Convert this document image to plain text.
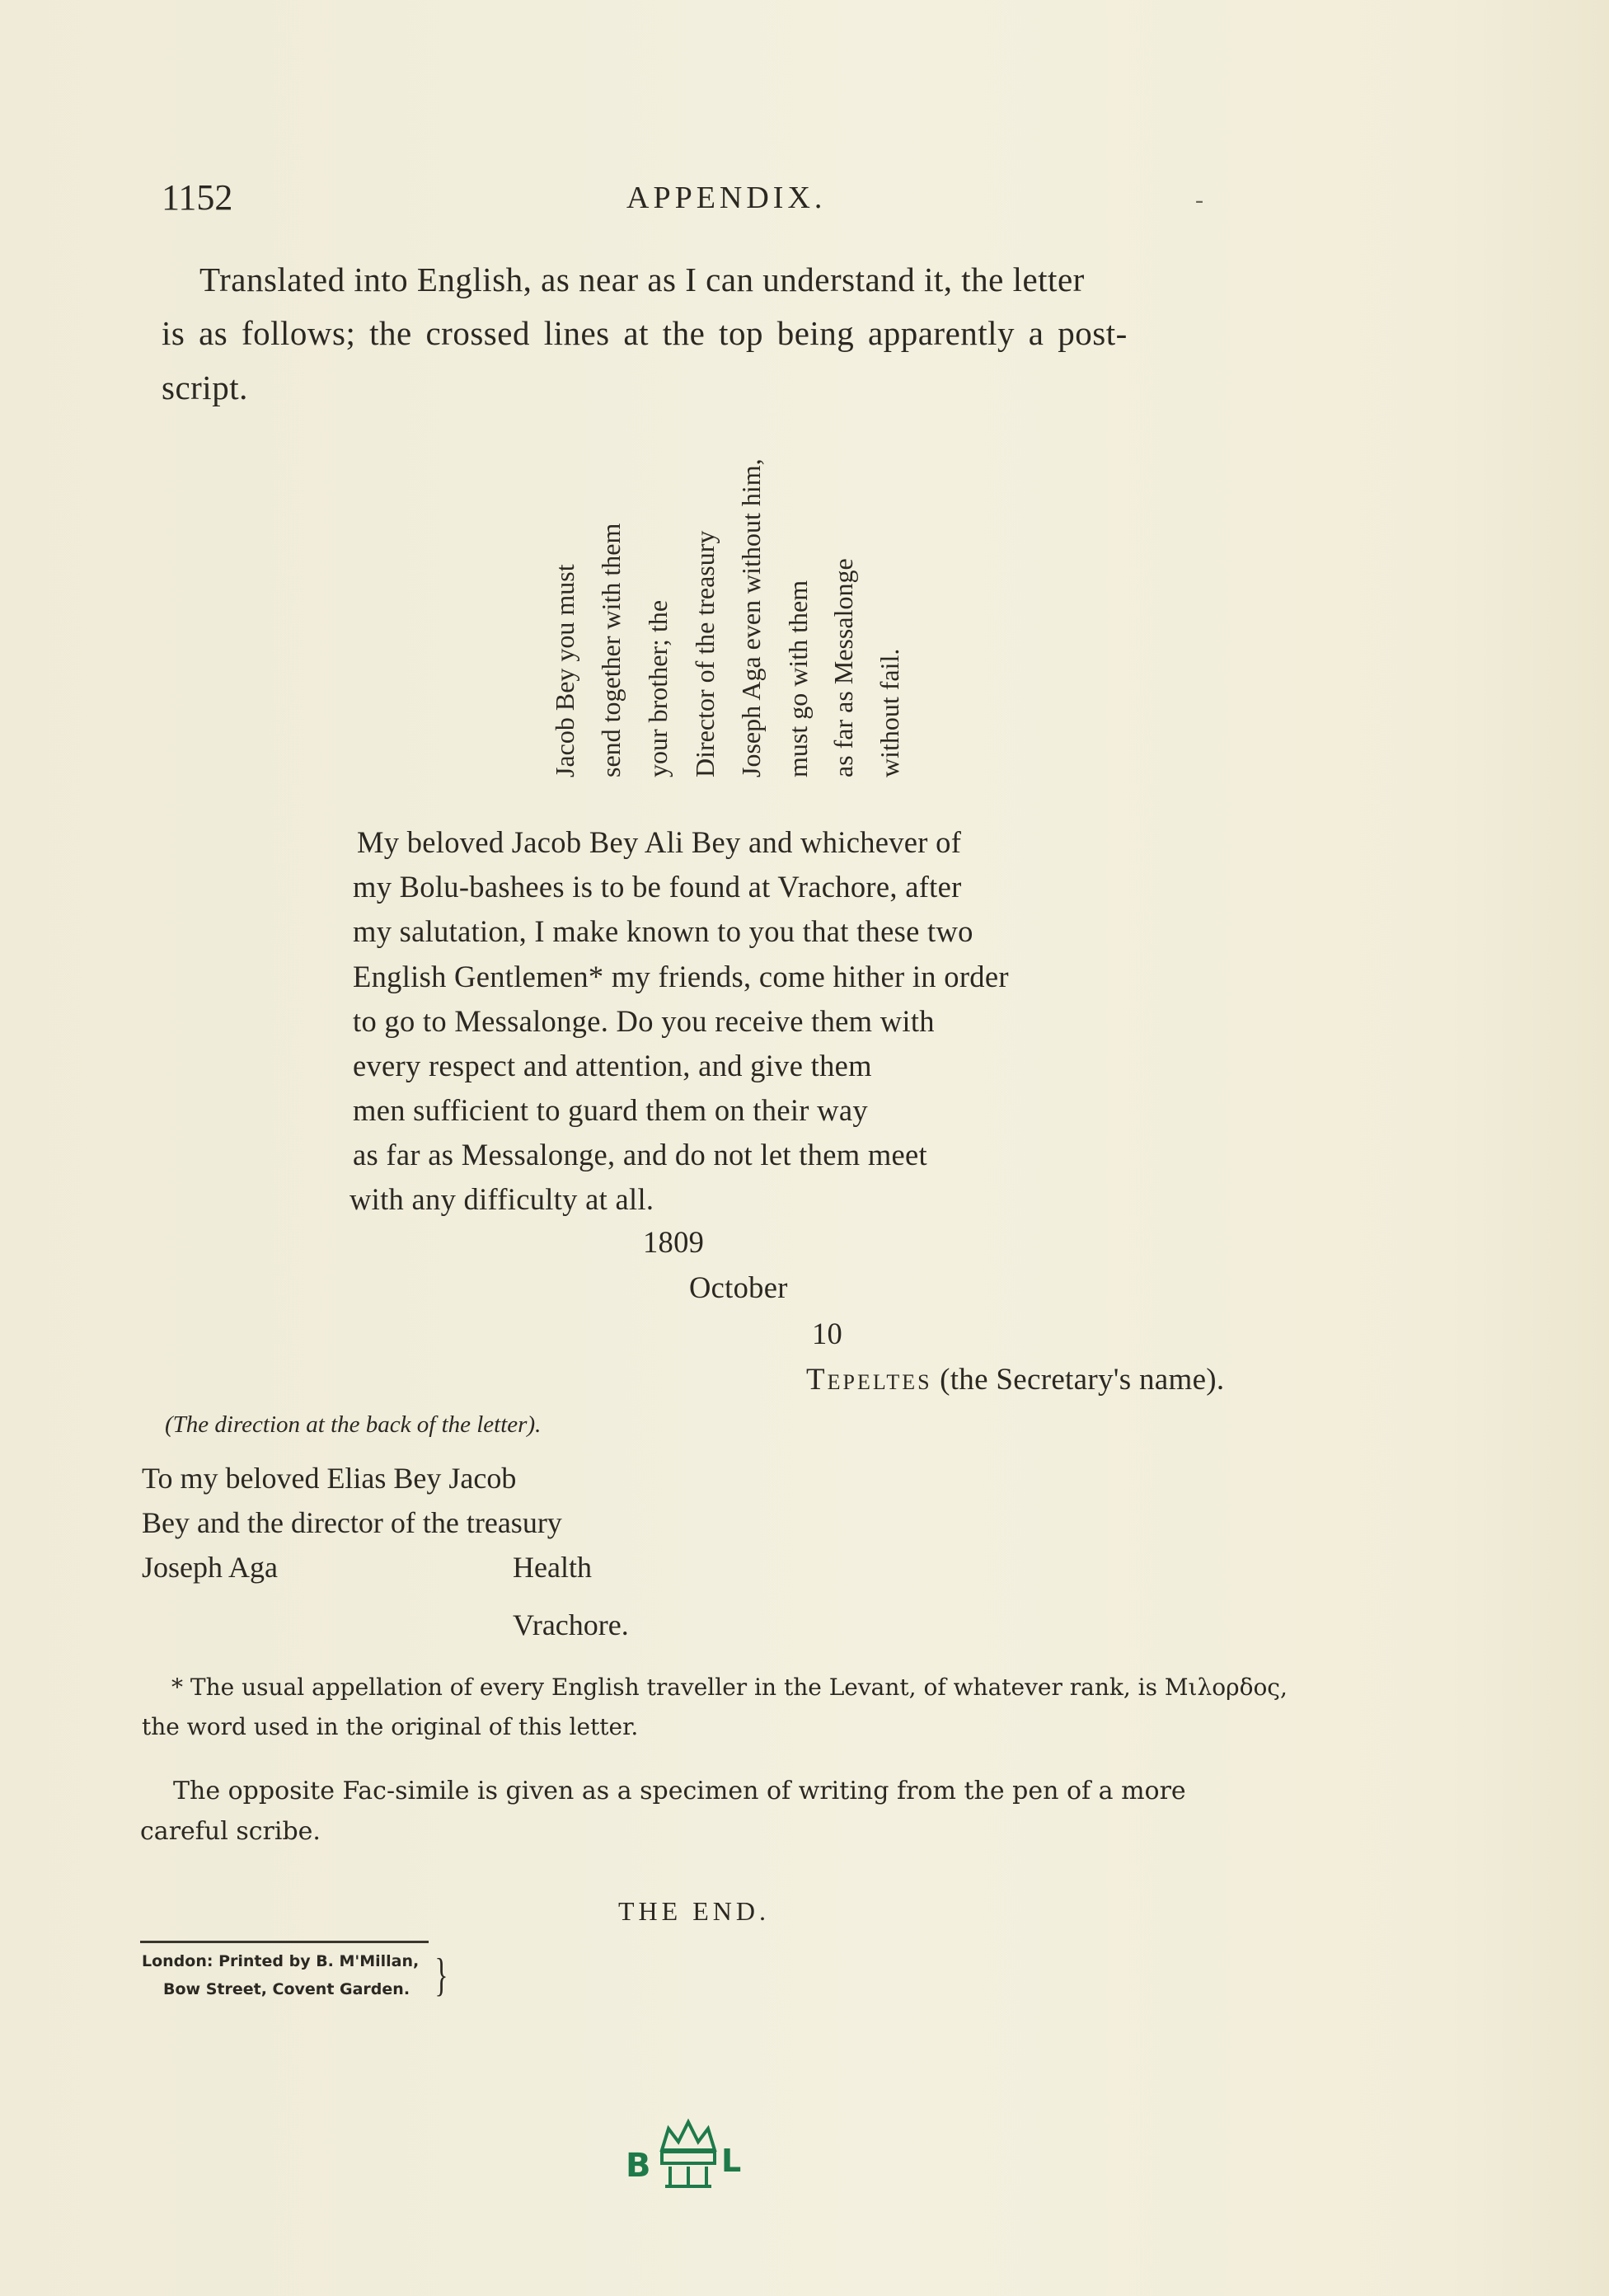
1152	APPENDIX.	-
Translated into English, as near as I can understand it, the letter
is as follows; the crossed lines at the top being apparently a post-
script.
Jacob Bey you must send together with them your brother; the Director of the treasury Joseph Aga even without him, must go with them as far as Messalonge without fail.
My beloved Jacob Bey Ali Bey and whichever of
my Bolu-bashees is to be found at Vrachore, after
my salutation, I make known to you that these two
English Gentlemen* my friends, come hither in order
to go to Messalonge. Do you receive them with
every respect and attention, and give them
men sufficient to guard them on their way
as far as Messalonge, and do not let them meet
with any difficulty at all.
1809
October
10
Tepeltes (the Secretary's name).
(The direction at the back of the letter).
To my beloved Elias Bey Jacob
Bey and the director of the treasury
Joseph Aga	Health
Vrachore.
* The usual appellation of every English traveller in the Levant, of whatever rank, is Μιλορδος,
the word used in the original of this letter.
The opposite Fac-simile is given as a specimen of writing from the pen of a more
careful scribe.
THE END.
London: Printed by B. M'Millan,
Bow Street, Covent Garden. }
B L
